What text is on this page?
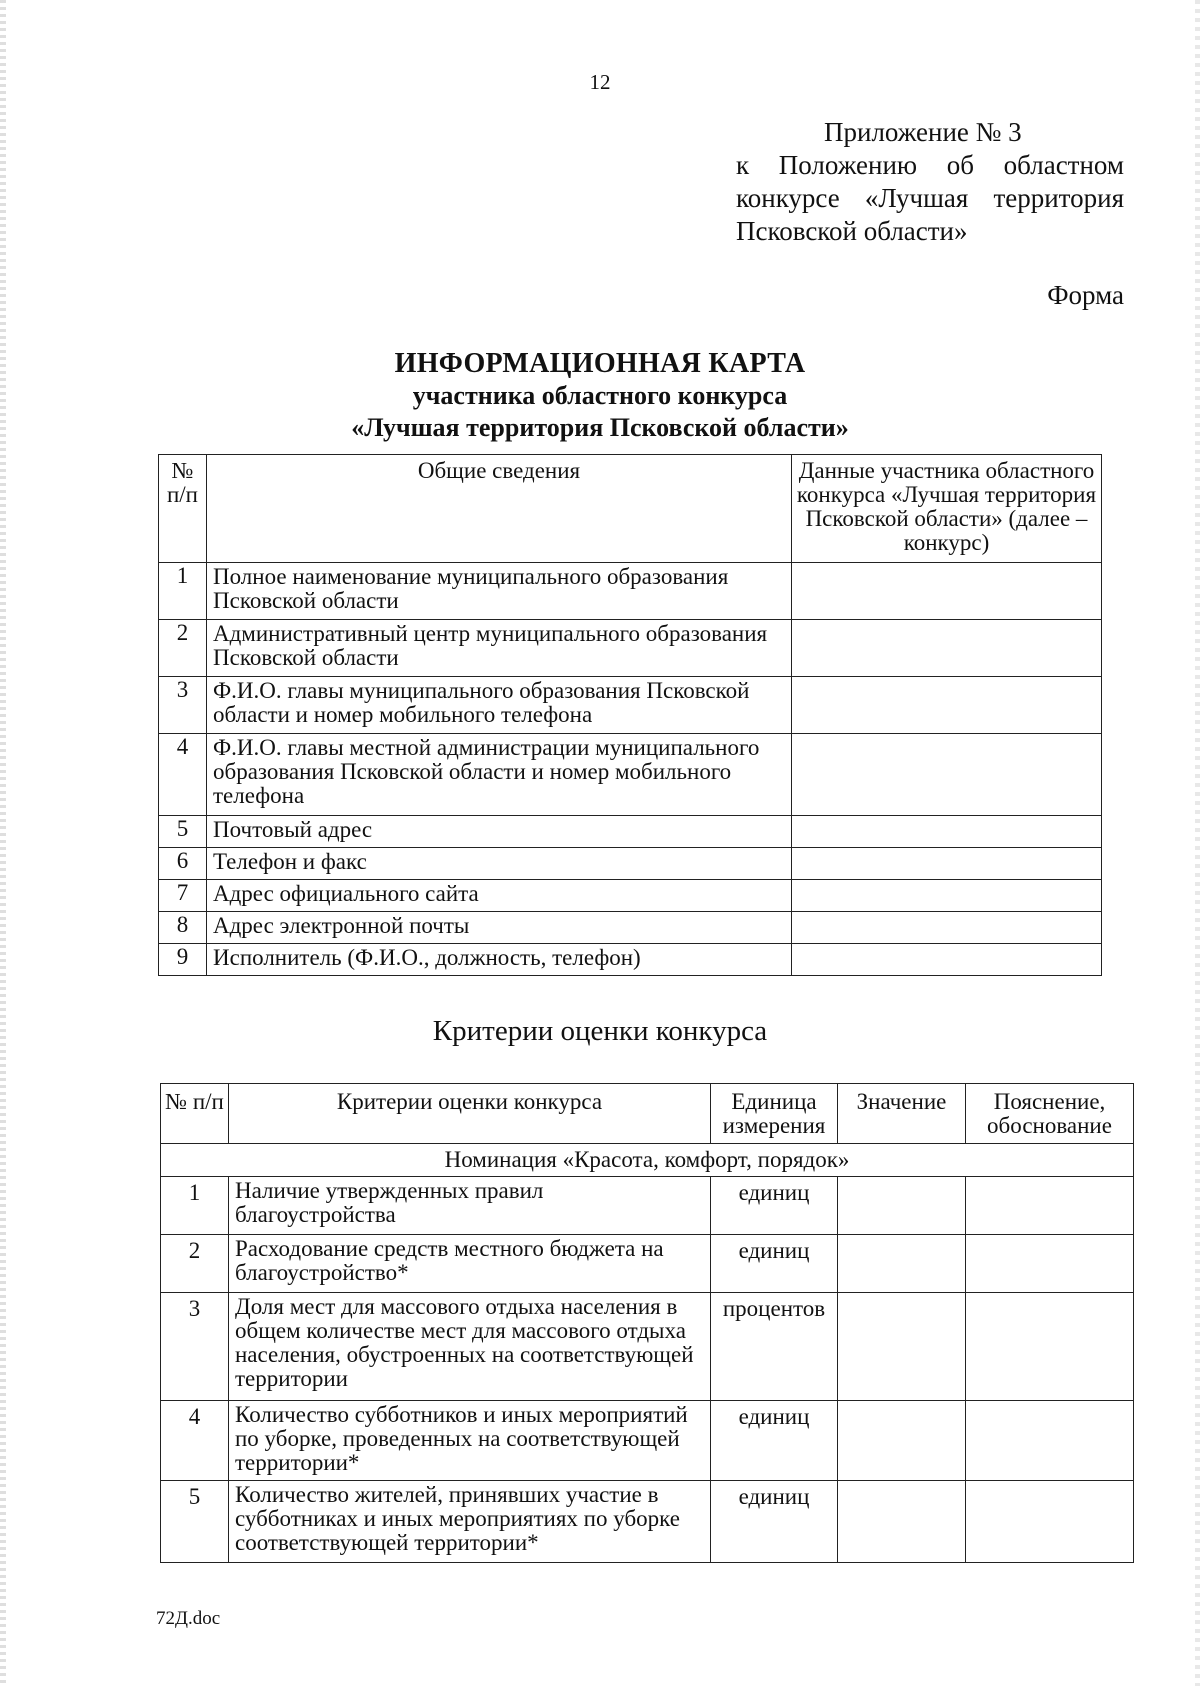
12
Приложение № 3
к Положению об областном
конкурсе «Лучшая территория
Псковской области»
Форма
ИНФОРМАЦИОННАЯ КАРТА
участника областного конкурса
«Лучшая территория Псковской области»
№ п/п	Общие сведения	Данные участника областного конкурса «Лучшая территория Псковской области» (далее – конкурс)
1	Полное наименование муниципального образования Псковской области	
2	Административный центр муниципального образования Псковской области	
3	Ф.И.О. главы муниципального образования Псковской области и номер мобильного телефона	
4	Ф.И.О. главы местной администрации муниципального образования Псковской области и номер мобильного телефона	
5	Почтовый адрес	
6	Телефон и факс	
7	Адрес официального сайта	
8	Адрес электронной почты	
9	Исполнитель (Ф.И.О., должность, телефон)	
Критерии оценки конкурса
№ п/п	Критерии оценки конкурса	Единица измерения	Значение	Пояснение, обоснование
Номинация «Красота, комфорт, порядок»				
1	Наличие утвержденных правил благоустройства	единиц		
2	Расходование средств местного бюджета на благоустройство*	единиц		
3	Доля мест для массового отдыха населения в общем количестве мест для массового отдыха населения, обустроенных на соответствующей территории	процентов		
4	Количество субботников и иных мероприятий по уборке, проведенных на соответствующей территории*	единиц		
5	Количество жителей, принявших участие в субботниках и иных мероприятиях по уборке соответствующей территории*	единиц		
72Д.doc
